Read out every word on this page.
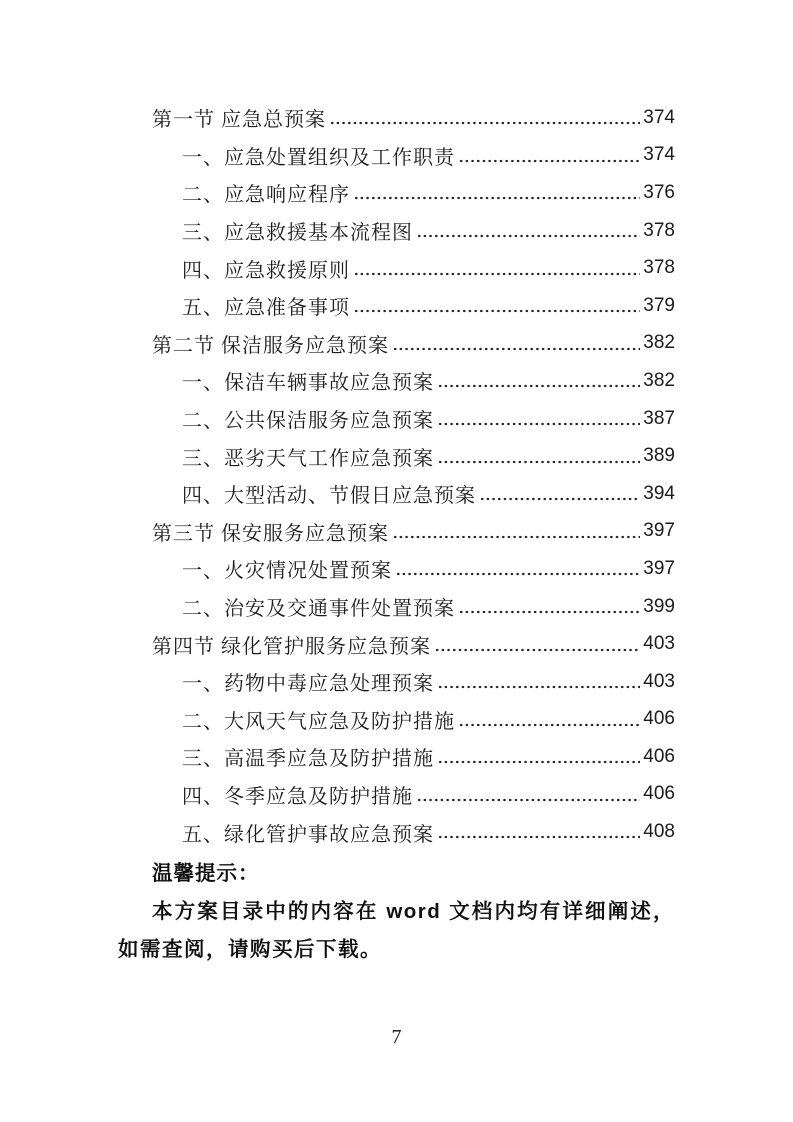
第一节 应急总预案	374
一、应急处置组织及工作职责	374
二、应急响应程序	376
三、应急救援基本流程图	378
四、应急救援原则	378
五、应急准备事项	379
第二节 保洁服务应急预案	382
一、保洁车辆事故应急预案	382
二、公共保洁服务应急预案	387
三、恶劣天气工作应急预案	389
四、大型活动、节假日应急预案	394
第三节 保安服务应急预案	397
一、火灾情况处置预案	397
二、治安及交通事件处置预案	399
第四节 绿化管护服务应急预案	403
一、药物中毒应急处理预案	403
二、大风天气应急及防护措施	406
三、高温季应急及防护措施	406
四、冬季应急及防护措施	406
五、绿化管护事故应急预案	408

温馨提示：

本方案目录中的内容在 word 文档内均有详细阐述，如需查阅，请购买后下载。

7
